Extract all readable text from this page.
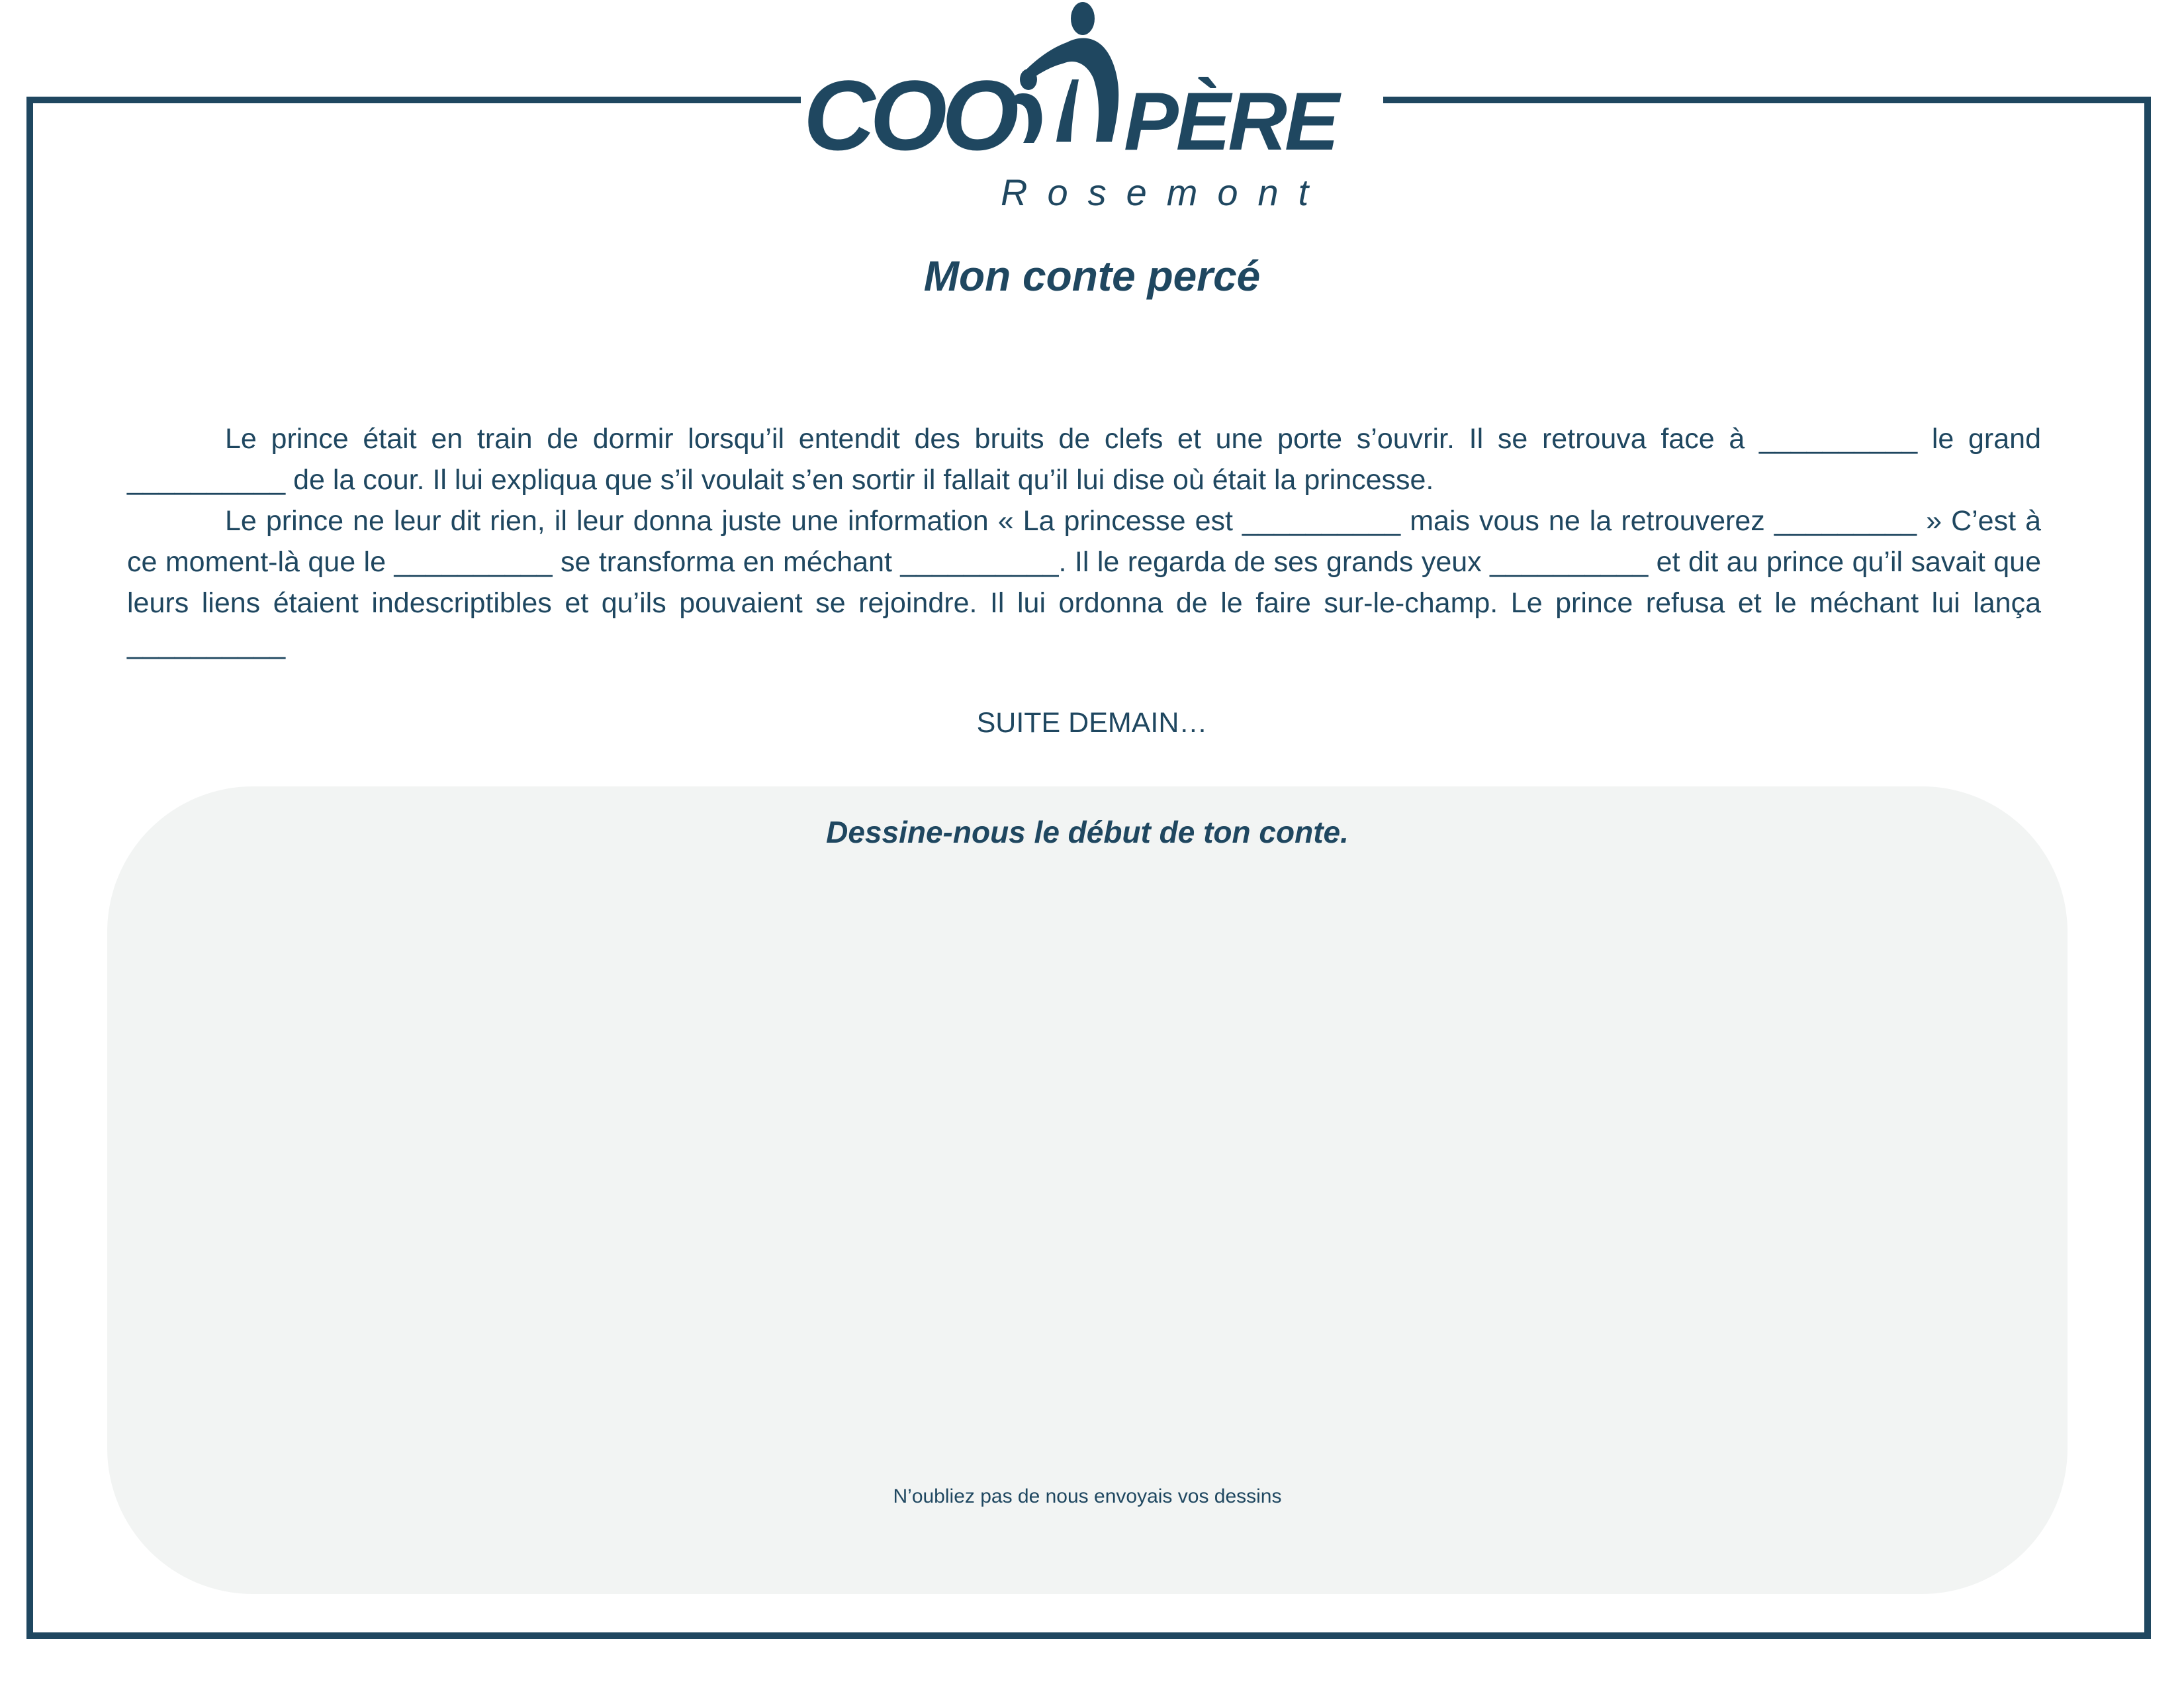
COO PÈRE
Rosemont
Mon conte percé

Le prince était en train de dormir lorsqu’il entendit des bruits de clefs et une porte s’ouvrir. Il se retrouva face à __________ le grand __________ de la cour. Il lui expliqua que s’il voulait s’en sortir il fallait qu’il lui dise où était la princesse.

Le prince ne leur dit rien, il leur donna juste une information « La princesse est __________ mais vous ne la retrouverez _________ » C’est à ce moment-là que le __________ se transforma en méchant __________. Il le regarda de ses grands yeux __________ et dit au prince qu’il savait que leurs liens étaient indescriptibles et qu’ils pouvaient se rejoindre. Il lui ordonna de le faire sur-le-champ. Le prince refusa et le méchant lui lança __________

SUITE DEMAIN…
Dessine-nous le début de ton conte.
N’oubliez pas de nous envoyais vos dessins
